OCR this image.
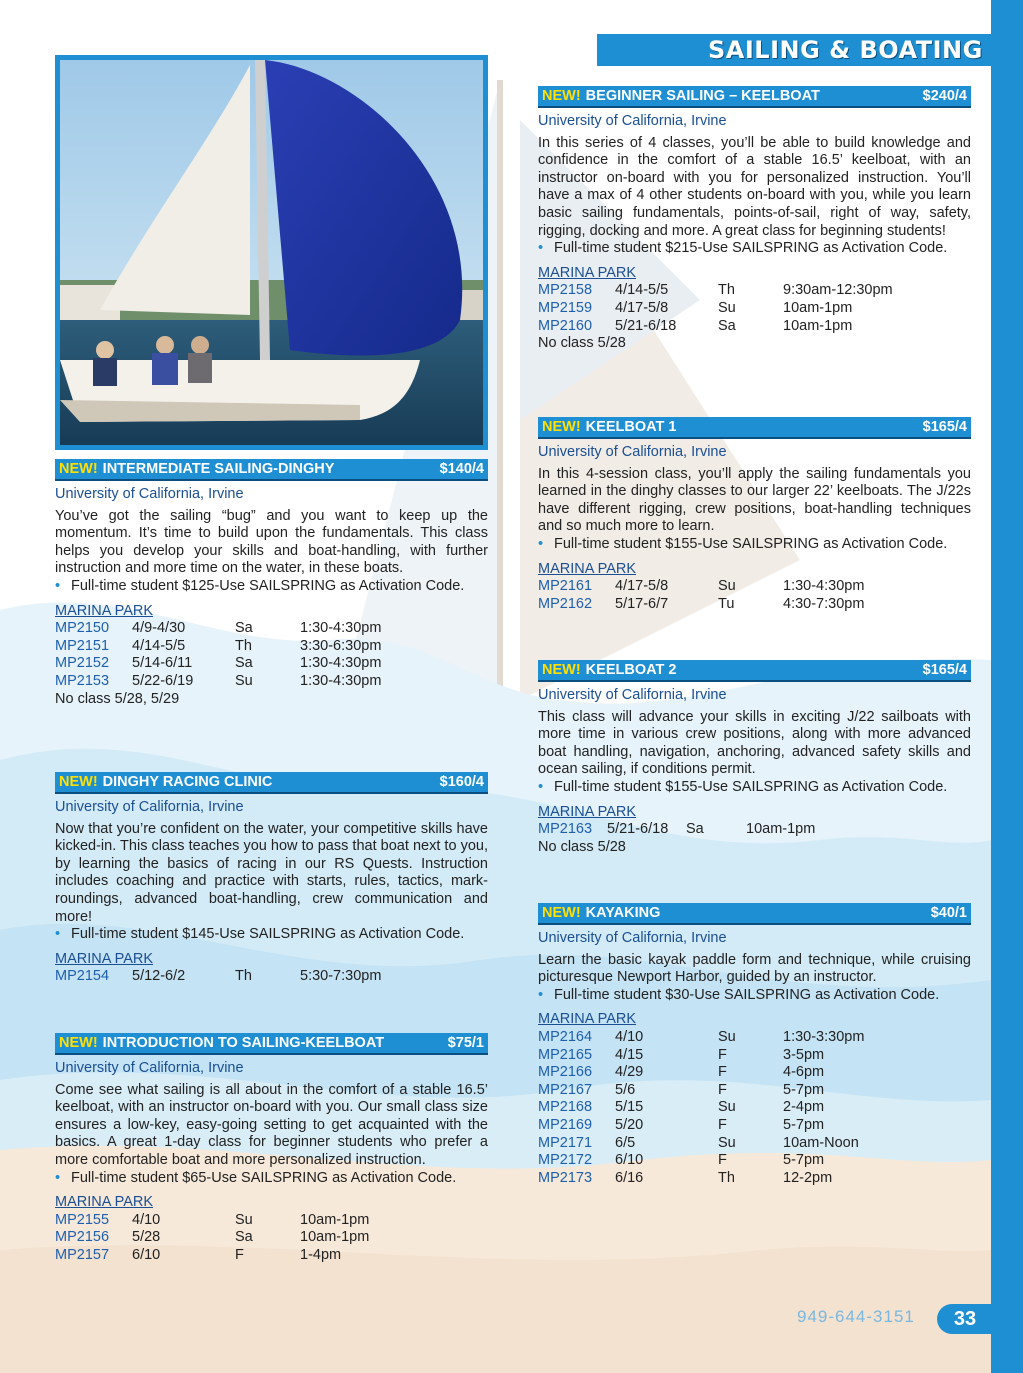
SAILING & BOATING
NEW! INTERMEDIATE SAILING-DINGHY	$140/4
University of California, Irvine
You’ve got the sailing “bug” and you want to keep up the momentum. It’s time to build upon the fundamentals. This class helps you develop your skills and boat-handling, with further instruction and more time on the water, in these boats.
• Full-time student $125-Use SAILSPRING as Activation Code.
MARINA PARK
MP2150	4/9-4/30	Sa	1:30-4:30pm
MP2151	4/14-5/5	Th	3:30-6:30pm
MP2152	5/14-6/11	Sa	1:30-4:30pm
MP2153	5/22-6/19	Su	1:30-4:30pm
No class 5/28, 5/29
NEW! DINGHY RACING CLINIC	$160/4
University of California, Irvine
Now that you’re confident on the water, your competitive skills have kicked-in. This class teaches you how to pass that boat next to you, by learning the basics of racing in our RS Quests. Instruction includes coaching and practice with starts, rules, tactics, mark-roundings, advanced boat-handling, crew communication and more!
• Full-time student $145-Use SAILSPRING as Activation Code.
MARINA PARK
MP2154	5/12-6/2	Th	5:30-7:30pm
NEW! INTRODUCTION TO SAILING-KEELBOAT	$75/1
University of California, Irvine
Come see what sailing is all about in the comfort of a stable 16.5’ keelboat, with an instructor on-board with you. Our small class size ensures a low-key, easy-going setting to get acquainted with the basics. A great 1-day class for beginner students who prefer a more comfortable boat and more personalized instruction.
• Full-time student $65-Use SAILSPRING as Activation Code.
MARINA PARK
MP2155	4/10	Su	10am-1pm
MP2156	5/28	Sa	10am-1pm
MP2157	6/10	F	1-4pm
NEW! BEGINNER SAILING – KEELBOAT	$240/4
University of California, Irvine
In this series of 4 classes, you’ll be able to build knowledge and confidence in the comfort of a stable 16.5’ keelboat, with an instructor on-board with you for personalized instruction. You’ll have a max of 4 other students on-board with you, while you learn basic sailing fundamentals, points-of-sail, right of way, safety, rigging, docking and more. A great class for beginning students!
• Full-time student $215-Use SAILSPRING as Activation Code.
MARINA PARK
MP2158	4/14-5/5	Th	9:30am-12:30pm
MP2159	4/17-5/8	Su	10am-1pm
MP2160	5/21-6/18	Sa	10am-1pm
No class 5/28
NEW! KEELBOAT 1	$165/4
University of California, Irvine
In this 4-session class, you’ll apply the sailing fundamentals you learned in the dinghy classes to our larger 22’ keelboats. The J/22s have different rigging, crew positions, boat-handling techniques and so much more to learn.
• Full-time student $155-Use SAILSPRING as Activation Code.
MARINA PARK
MP2161	4/17-5/8	Su	1:30-4:30pm
MP2162	5/17-6/7	Tu	4:30-7:30pm
NEW! KEELBOAT 2	$165/4
University of California, Irvine
This class will advance your skills in exciting J/22 sailboats with more time in various crew positions, along with more advanced boat handling, navigation, anchoring, advanced safety skills and ocean sailing, if conditions permit.
• Full-time student $155-Use SAILSPRING as Activation Code.
MARINA PARK
MP2163	5/21-6/18	Sa	10am-1pm
No class 5/28
NEW! KAYAKING	$40/1
University of California, Irvine
Learn the basic kayak paddle form and technique, while cruising picturesque Newport Harbor, guided by an instructor.
• Full-time student $30-Use SAILSPRING as Activation Code.
MARINA PARK
MP2164	4/10	Su	1:30-3:30pm
MP2165	4/15	F	3-5pm
MP2166	4/29	F	4-6pm
MP2167	5/6	F	5-7pm
MP2168	5/15	Su	2-4pm
MP2169	5/20	F	5-7pm
MP2171	6/5	Su	10am-Noon
MP2172	6/10	F	5-7pm
MP2173	6/16	Th	12-2pm
949-644-3151	33
